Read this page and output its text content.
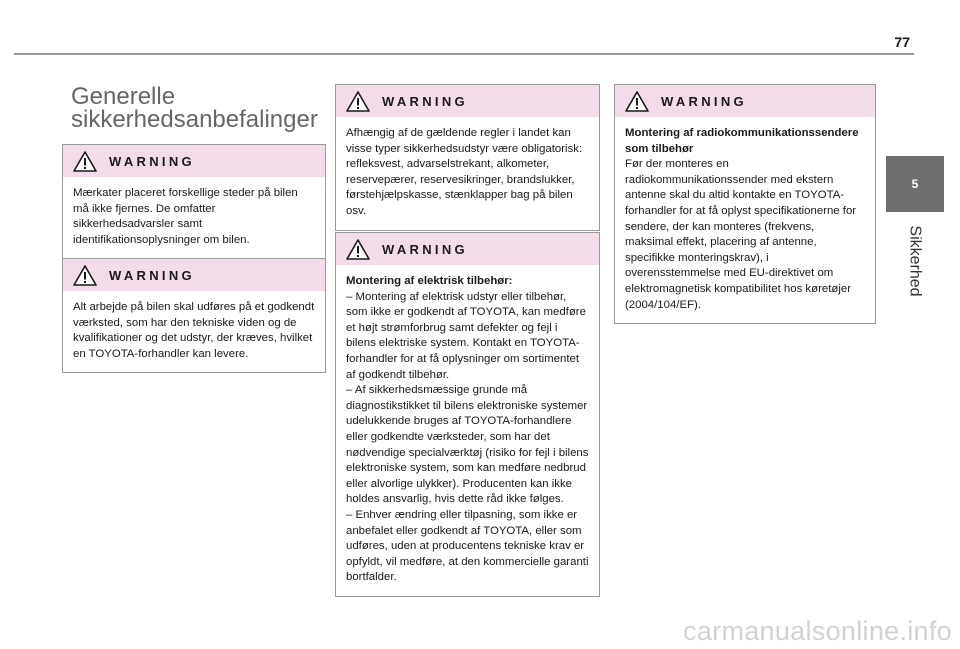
77
5
Sikkerhed
Generelle sikkerhedsanbefalinger
WARNING

Mærkater placeret forskellige steder på bilen må ikke fjernes. De omfatter sikkerhedsadvarsler samt identifikationsoplysninger om bilen.

WARNING

Alt arbejde på bilen skal udføres på et godkendt værksted, som har den tekniske viden og de kvalifikationer og det udstyr, der kræves, hvilket en TOYOTA-forhandler kan levere.

WARNING

Afhængig af de gældende regler i landet kan visse typer sikkerhedsudstyr være obligatorisk: refleksvest, advarselstrekant, alkometer, reservepærer, reservesikringer, brandslukker, førstehjælpskasse, stænklapper bag på bilen osv.

WARNING

Montering af elektrisk tilbehør:

– Montering af elektrisk udstyr eller tilbehør, som ikke er godkendt af TOYOTA, kan medføre et højt strømforbrug samt defekter og fejl i bilens elektriske system. Kontakt en TOYOTA-forhandler for at få oplysninger om sortimentet af godkendt tilbehør.

– Af sikkerhedsmæssige grunde må diagnostikstikket til bilens elektroniske systemer udelukkende bruges af TOYOTA-forhandlere eller godkendte værksteder, som har det nødvendige specialværktøj (risiko for fejl i bilens elektroniske system, som kan medføre nedbrud eller alvorlige ulykker). Producenten kan ikke holdes ansvarlig, hvis dette råd ikke følges.

– Enhver ændring eller tilpasning, som ikke er anbefalet eller godkendt af TOYOTA, eller som udføres, uden at producentens tekniske krav er opfyldt, vil medføre, at den kommercielle garanti bortfalder.

WARNING

Montering af radiokommunikationssendere som tilbehør

Før der monteres en radiokommunikationssender med ekstern antenne skal du altid kontakte en TOYOTA-forhandler for at få oplyst specifikationerne for sendere, der kan monteres (frekvens, maksimal effekt, placering af antenne, specifikke monteringskrav), i overensstemmelse med EU-direktivet om elektromagnetisk kompatibilitet hos køretøjer (2004/104/EF).

carmanualsonline.info
